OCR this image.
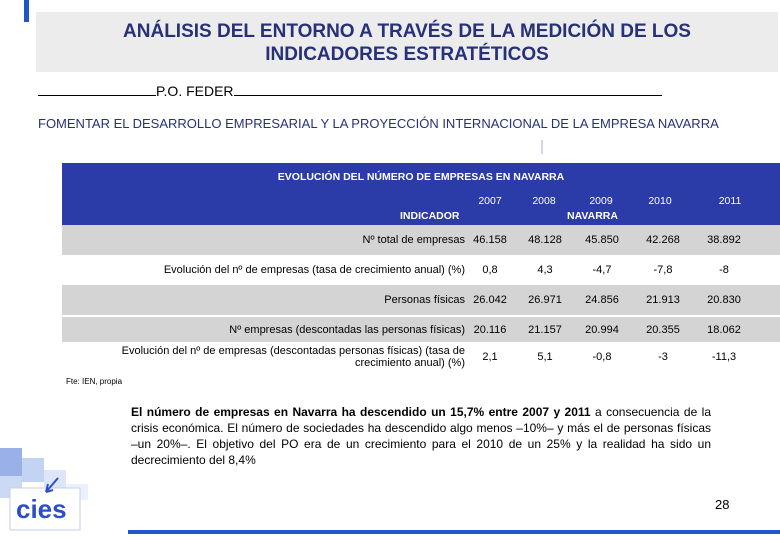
ANÁLISIS DEL ENTORNO A TRAVÉS DE LA MEDICIÓN DE LOS
INDICADORES ESTRATÉTICOS
P.O. FEDER
FOMENTAR EL DESARROLLO EMPRESARIAL Y LA PROYECCIÓN INTERNACIONAL DE LA EMPRESA NAVARRA
EVOLUCIÓN DEL NÚMERO DE EMPRESAS EN NAVARRA
2007	2008	2009	2010	2011
INDICADOR	NAVARRA
Nº total de empresas 46.158	48.128	45.850	42.268	38.892
Evolución del nº de empresas (tasa de crecimiento anual) (%)	0,8	4,3	-4,7	-7,8	-8
Personas físicas 26.042	26.971	24.856	21.913	20.830
Nº empresas (descontadas las personas físicas) 20.116	21.157	20.994	20.355	18.062
Evolución del nº de empresas (descontadas personas físicas) (tasa de
crecimiento anual) (%)	2,1	5,1	-0,8	-3	-11,3
Fte: IEN, propia
El número de empresas en Navarra ha descendido un 15,7% entre 2007 y 2011 a consecuencia de la crisis económica. El número de sociedades ha descendido algo menos –10%– y más el de personas físicas –un 20%–. El objetivo del PO era de un crecimiento para el 2010 de un 25% y la realidad ha sido un decrecimiento del 8,4%
cies	28
